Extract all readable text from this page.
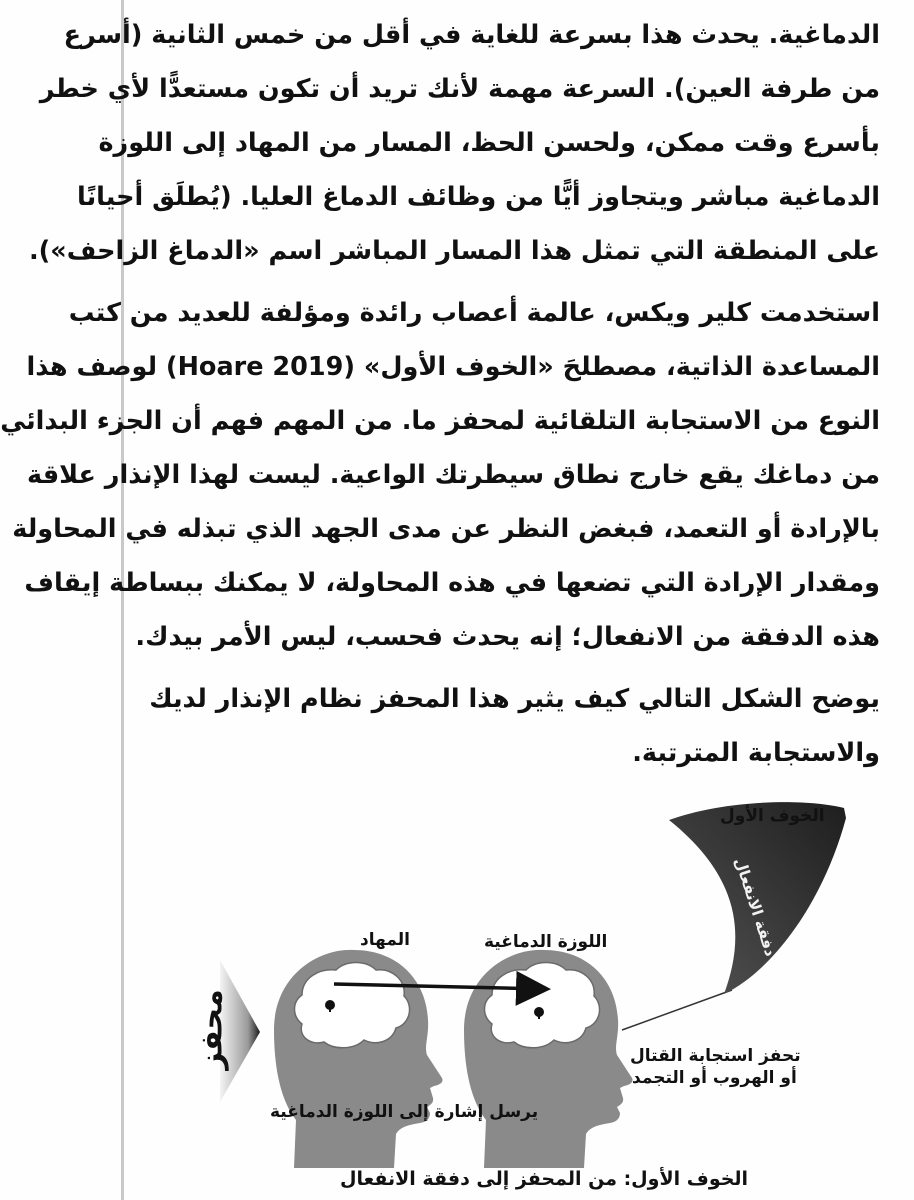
الدماغية. يحدث هذا بسرعة للغاية في أقل من خمس الثانية (أسرع
من طرفة العين). السرعة مهمة لأنك تريد أن تكون مستعدًّا لأي خطر
بأسرع وقت ممكن، ولحسن الحظ، المسار من المهاد إلى اللوزة
الدماغية مباشر ويتجاوز أيًّا من وظائف الدماغ العليا. (يُطلَق أحيانًا
على المنطقة التي تمثل هذا المسار المباشر اسم «الدماغ الزاحف»).

استخدمت كلير ويكس، عالمة أعصاب رائدة ومؤلفة للعديد من كتب
المساعدة الذاتية، مصطلحَ «الخوف الأول» (Hoare 2019) لوصف هذا
النوع من الاستجابة التلقائية لمحفز ما. من المهم فهم أن الجزء البدائي
من دماغك يقع خارج نطاق سيطرتك الواعية. ليست لهذا الإنذار علاقة
بالإرادة أو التعمد، فبغض النظر عن مدى الجهد الذي تبذله في المحاولة
ومقدار الإرادة التي تضعها في هذه المحاولة، لا يمكنك ببساطة إيقاف
هذه الدفقة من الانفعال؛ إنه يحدث فحسب، ليس الأمر بيدك.

يوضح الشكل التالي كيف يثير هذا المحفز نظام الإنذار لديك
والاستجابة المترتبة.

الخوف الأول
دفقة الانفعال
المهاد	اللوزة الدماغية
محفز	تحفز استجابة القتال
أو الهروب أو التجمد
يرسل إشارة إلى اللوزة الدماغية
الخوف الأول: من المحفز إلى دفقة الانفعال
